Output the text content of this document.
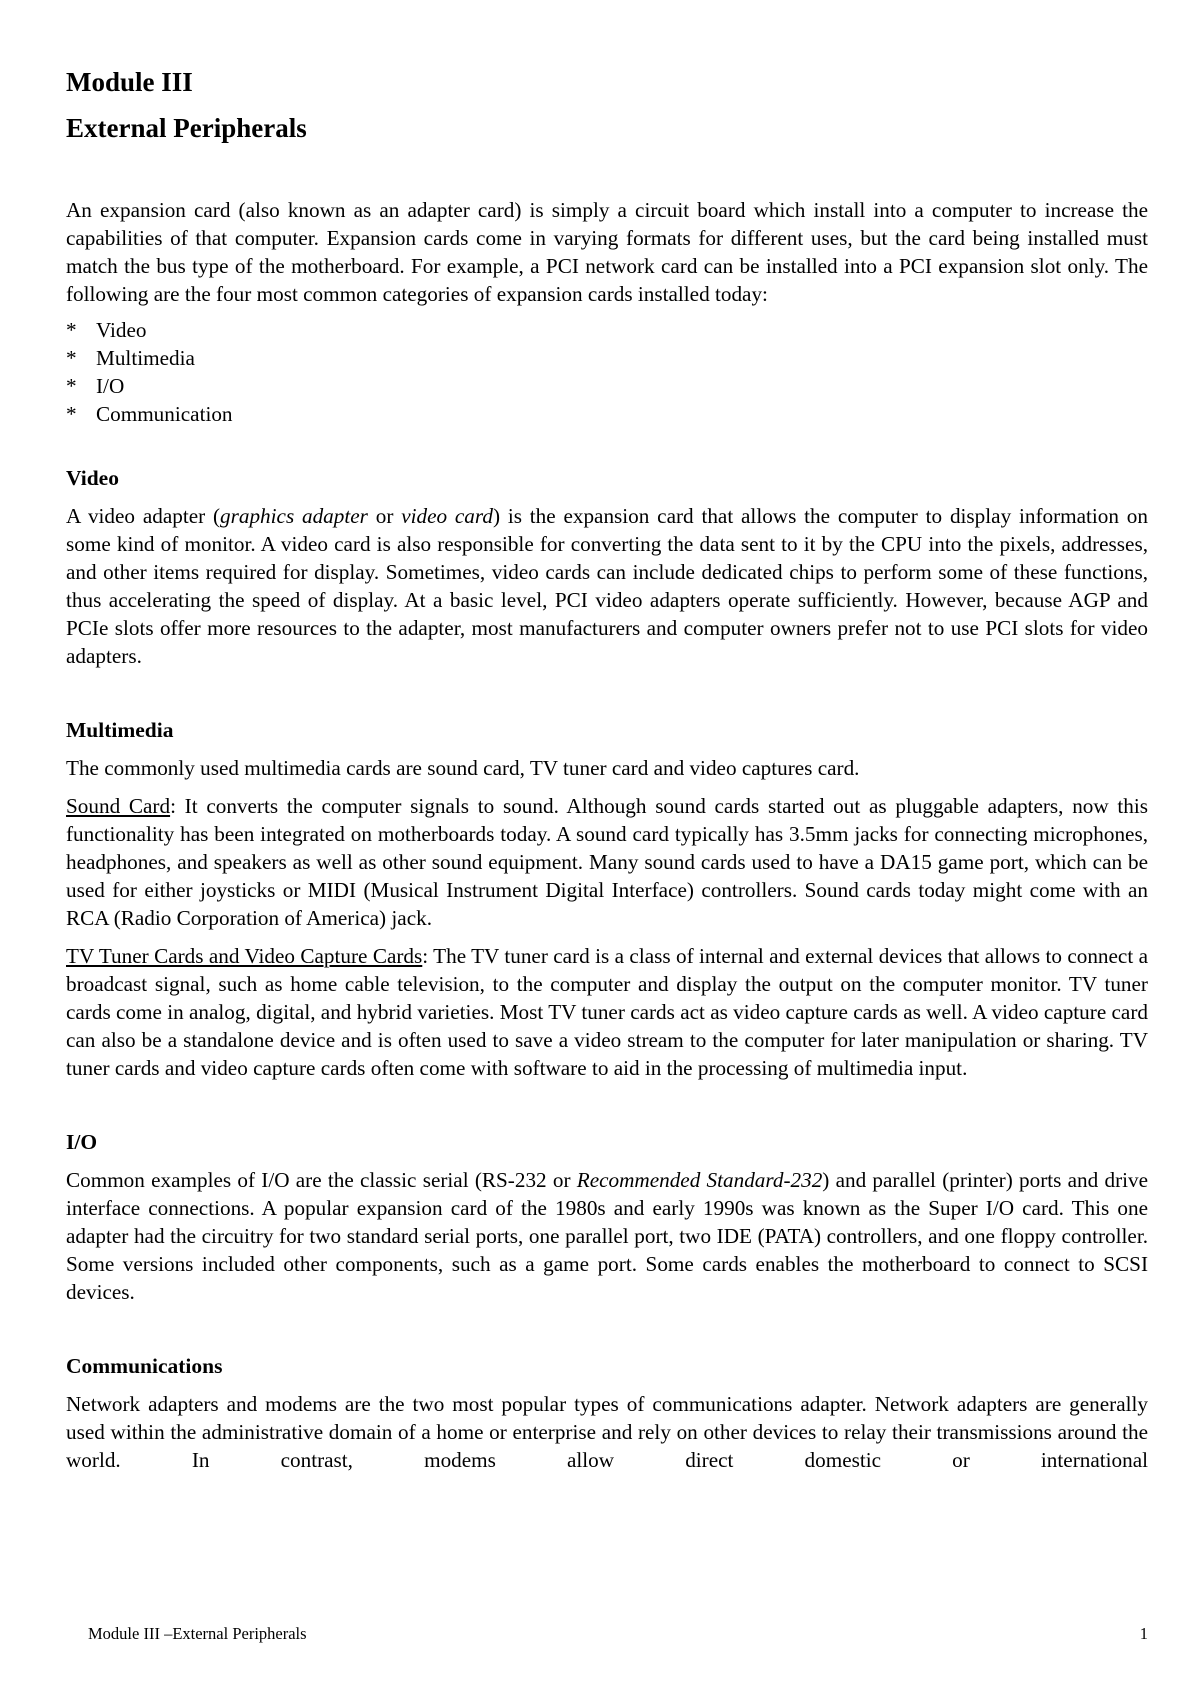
Module III
External Peripherals

An expansion card (also known as an adapter card) is simply a circuit board which install into a computer to increase the capabilities of that computer. Expansion cards come in varying formats for different uses, but the card being installed must match the bus type of the motherboard. For example, a PCI network card can be installed into a PCI expansion slot only. The following are the four most common categories of expansion cards installed today:

* Video
* Multimedia
* I/O
* Communication
Video

A video adapter (graphics adapter or video card) is the expansion card that allows the computer to display information on some kind of monitor. A video card is also responsible for converting the data sent to it by the CPU into the pixels, addresses, and other items required for display. Sometimes, video cards can include dedicated chips to perform some of these functions, thus accelerating the speed of display. At a basic level, PCI video adapters operate sufficiently. However, because AGP and PCIe slots offer more resources to the adapter, most manufacturers and computer owners prefer not to use PCI slots for video adapters.

Multimedia

The commonly used multimedia cards are sound card, TV tuner card and video captures card.

Sound Card: It converts the computer signals to sound. Although sound cards started out as pluggable adapters, now this functionality has been integrated on motherboards today. A sound card typically has 3.5mm jacks for connecting microphones, headphones, and speakers as well as other sound equipment. Many sound cards used to have a DA15 game port, which can be used for either joysticks or MIDI (Musical Instrument Digital Interface) controllers. Sound cards today might come with an RCA (Radio Corporation of America) jack.

TV Tuner Cards and Video Capture Cards: The TV tuner card is a class of internal and external devices that allows to connect a broadcast signal, such as home cable television, to the computer and display the output on the computer monitor. TV tuner cards come in analog, digital, and hybrid varieties. Most TV tuner cards act as video capture cards as well. A video capture card can also be a standalone device and is often used to save a video stream to the computer for later manipulation or sharing. TV tuner cards and video capture cards often come with software to aid in the processing of multimedia input.

I/O

Common examples of I/O are the classic serial (RS-232 or Recommended Standard-232) and parallel (printer) ports and drive interface connections. A popular expansion card of the 1980s and early 1990s was known as the Super I/O card. This one adapter had the circuitry for two standard serial ports, one parallel port, two IDE (PATA) controllers, and one floppy controller. Some versions included other components, such as a game port. Some cards enables the motherboard to connect to SCSI devices.

Communications

Network adapters and modems are the two most popular types of communications adapter. Network adapters are generally used within the administrative domain of a home or enterprise and rely on other devices to relay their transmissions around the world. In contrast, modems allow direct domestic or international

Module III –External Peripherals	1
